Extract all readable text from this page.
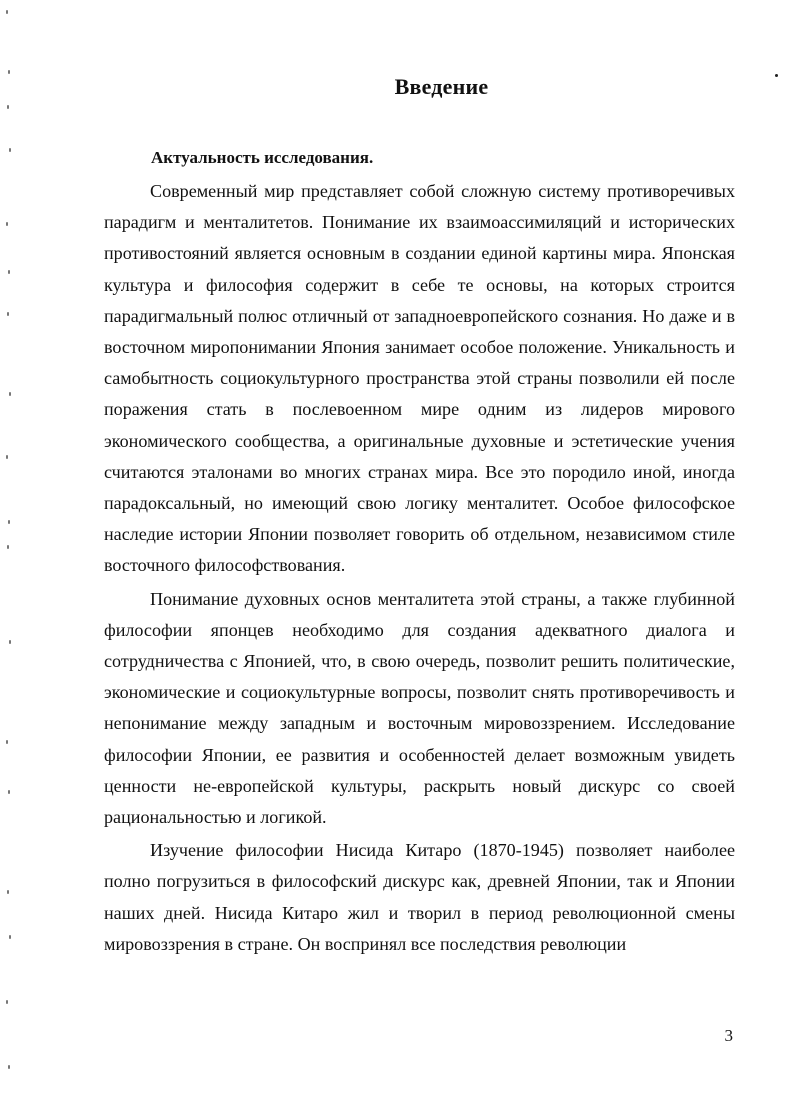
Введение
Актуальность исследования.

Современный мир представляет собой сложную систему противоречивых парадигм и менталитетов. Понимание их взаимоассимиляций и исторических противостояний является основным в создании единой картины мира. Японская культура и философия содержит в себе те основы, на которых строится парадигмальный полюс отличный от западноевропейского сознания. Но даже и в восточном миропонимании Япония занимает особое положение. Уникальность и самобытность социокультурного пространства этой страны позволили ей после поражения стать в послевоенном мире одним из лидеров мирового экономического сообщества, а оригинальные духовные и эстетические учения считаются эталонами во многих странах мира. Все это породило иной, иногда парадоксальный, но имеющий свою логику менталитет. Особое философское наследие истории Японии позволяет говорить об отдельном, независимом стиле восточного философствования.

Понимание духовных основ менталитета этой страны, а также глубинной философии японцев необходимо для создания адекватного диалога и сотрудничества с Японией, что, в свою очередь, позволит решить политические, экономические и социокультурные вопросы, позволит снять противоречивость и непонимание между западным и восточным мировоззрением. Исследование философии Японии, ее развития и особенностей делает возможным увидеть ценности не-европейской культуры, раскрыть новый дискурс со своей рациональностью и логикой.

Изучение философии Нисида Китаро (1870-1945) позволяет наиболее полно погрузиться в философский дискурс как, древней Японии, так и Японии наших дней. Нисида Китаро жил и творил в период революционной смены мировоззрения в стране. Он воспринял все последствия революции

3
